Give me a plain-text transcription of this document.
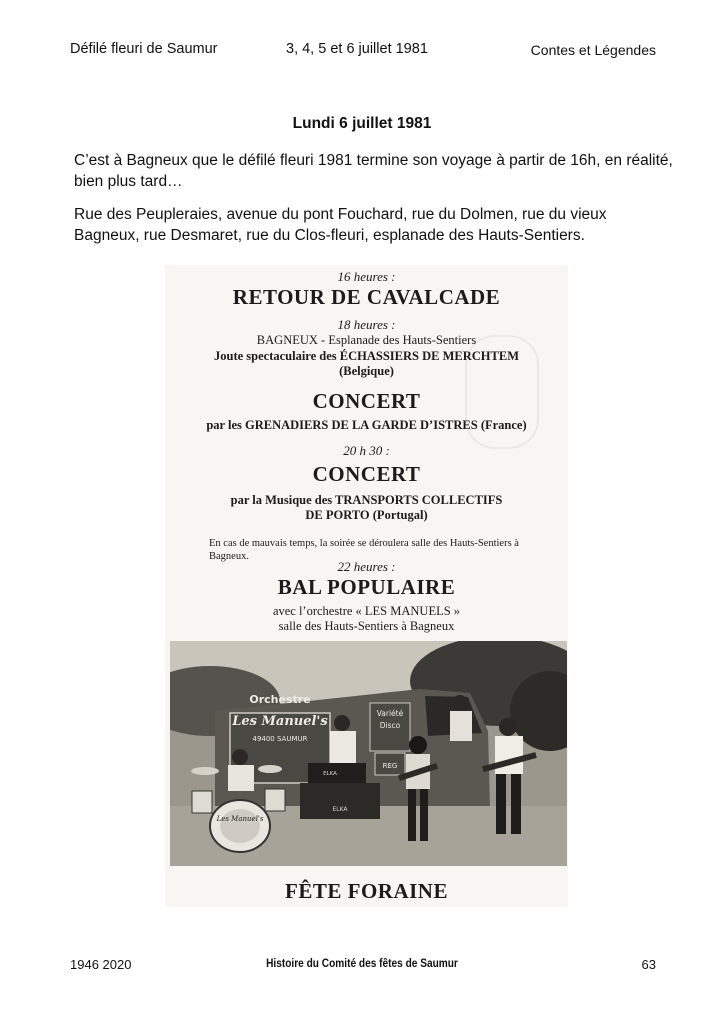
Défilé fleuri de Saumur	3, 4, 5 et 6 juillet 1981	Contes et Légendes
Lundi 6 juillet 1981

C’est à Bagneux que le défilé fleuri 1981 termine son voyage à partir de 16h, en réalité, bien plus tard…

Rue des Peupleraies, avenue du pont Fouchard, rue du Dolmen, rue du vieux Bagneux, rue Desmaret, rue du Clos-fleuri, esplanade des Hauts-Sentiers.

16 heures :

RETOUR DE CAVALCADE

18 heures :

BAGNEUX - Esplanade des Hauts-Sentiers

Joute spectaculaire des ÉCHASSIERS DE MERCHTEM

(Belgique)

CONCERT

par les GRENADIERS DE LA GARDE D’ISTRES (France)

20 h 30 :

CONCERT

par la Musique des TRANSPORTS COLLECTIFS

DE PORTO (Portugal)

En cas de mauvais temps, la soirée se déroulera salle des Hauts-Sentiers à

Bagneux.

22 heures :

BAL POPULAIRE

avec l’orchestre « LES MANUELS »

salle des Hauts-Sentiers à Bagneux

Orchestre
Les Manuel's
49400 SAUMUR
Variété
Disco
REG
ELKA
ELKA
Les Manuel's

FÊTE FORAINE

1946 2020	Histoire du Comité des fêtes de Saumur	63
